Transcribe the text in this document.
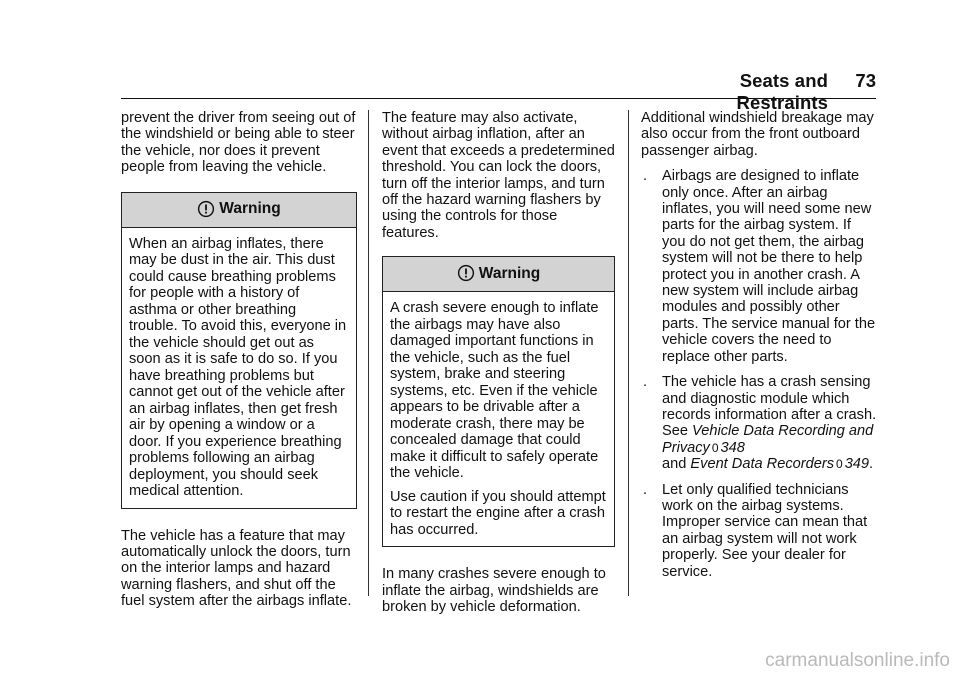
Seats and Restraints
73

prevent the driver from seeing out of the windshield or being able to steer the vehicle, nor does it prevent people from leaving the vehicle.

Warning

When an airbag inflates, there may be dust in the air. This dust could cause breathing problems for people with a history of asthma or other breathing trouble. To avoid this, everyone in the vehicle should get out as soon as it is safe to do so. If you have breathing problems but cannot get out of the vehicle after an airbag inflates, then get fresh air by opening a window or a door. If you experience breathing problems following an airbag deployment, you should seek medical attention.

The vehicle has a feature that may automatically unlock the doors, turn on the interior lamps and hazard warning flashers, and shut off the fuel system after the airbags inflate.

The feature may also activate, without airbag inflation, after an event that exceeds a predetermined threshold. You can lock the doors, turn off the interior lamps, and turn off the hazard warning flashers by using the controls for those features.

Warning

A crash severe enough to inflate the airbags may have also damaged important functions in the vehicle, such as the fuel system, brake and steering systems, etc. Even if the vehicle appears to be drivable after a moderate crash, there may be concealed damage that could make it difficult to safely operate the vehicle.

Use caution if you should attempt to restart the engine after a crash has occurred.

In many crashes severe enough to inflate the airbag, windshields are broken by vehicle deformation.

Additional windshield breakage may also occur from the front outboard passenger airbag.

. Airbags are designed to inflate only once. After an airbag inflates, you will need some new parts for the airbag system. If you do not get them, the airbag system will not be there to help protect you in another crash. A new system will include airbag modules and possibly other parts. The service manual for the vehicle covers the need to replace other parts.
. The vehicle has a crash sensing and diagnostic module which records information after a crash. See Vehicle Data Recording and Privacy 0 348
and Event Data Recorders 0 349.
. Let only qualified technicians work on the airbag systems. Improper service can mean that an airbag system will not work properly. See your dealer for service.
carmanualsonline.info
